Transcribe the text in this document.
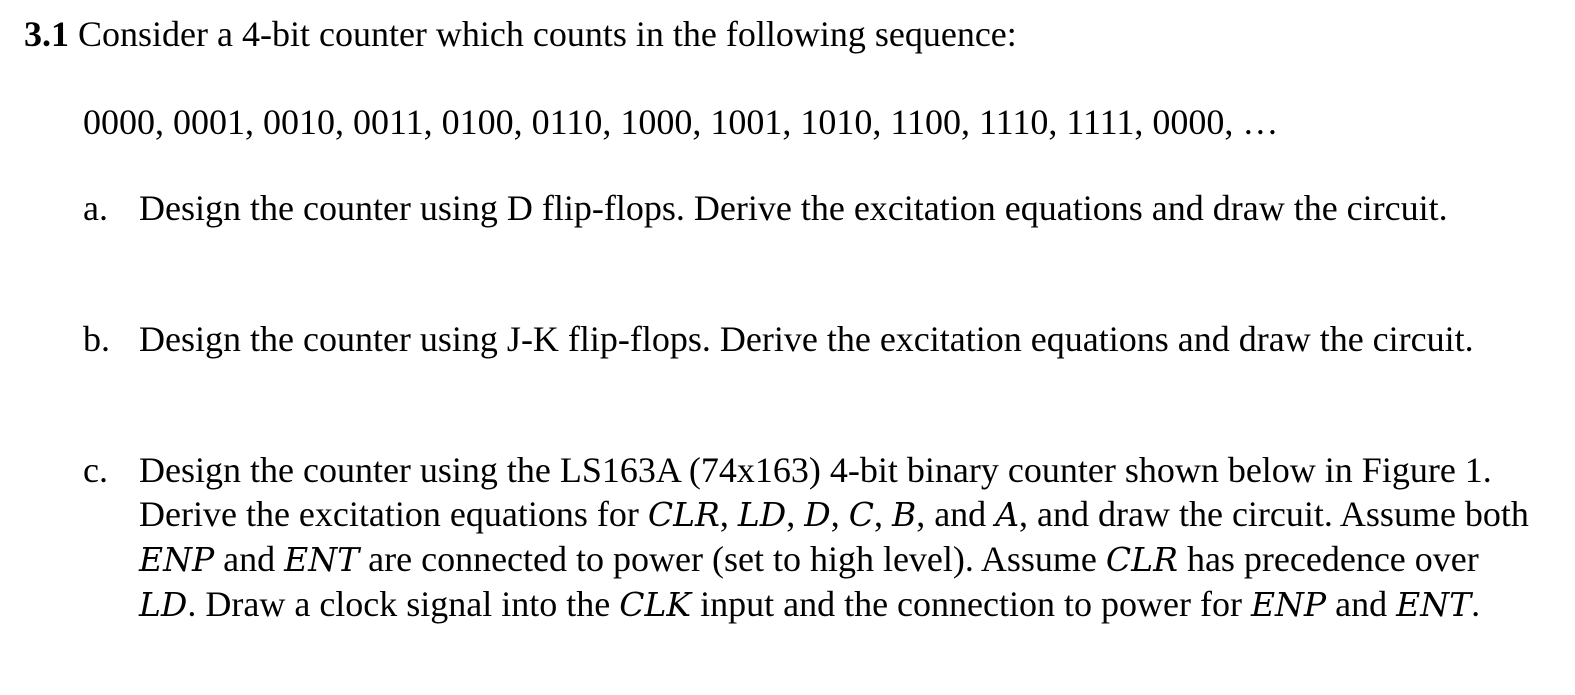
3.1 Consider a 4-bit counter which counts in the following sequence:
0000, 0001, 0010, 0011, 0100, 0110, 1000, 1001, 1010, 1100, 1110, 1111, 0000, …
a. Design the counter using D flip-flops. Derive the excitation equations and draw the circuit.
b. Design the counter using J-K flip-flops. Derive the excitation equations and draw the circuit.
c. Design the counter using the LS163A (74x163) 4-bit binary counter shown below in Figure 1. Derive the excitation equations for CLR, LD, D, C, B, and A, and draw the circuit. Assume both ENP and ENT are connected to power (set to high level). Assume CLR has precedence over LD. Draw a clock signal into the CLK input and the connection to power for ENP and ENT.
